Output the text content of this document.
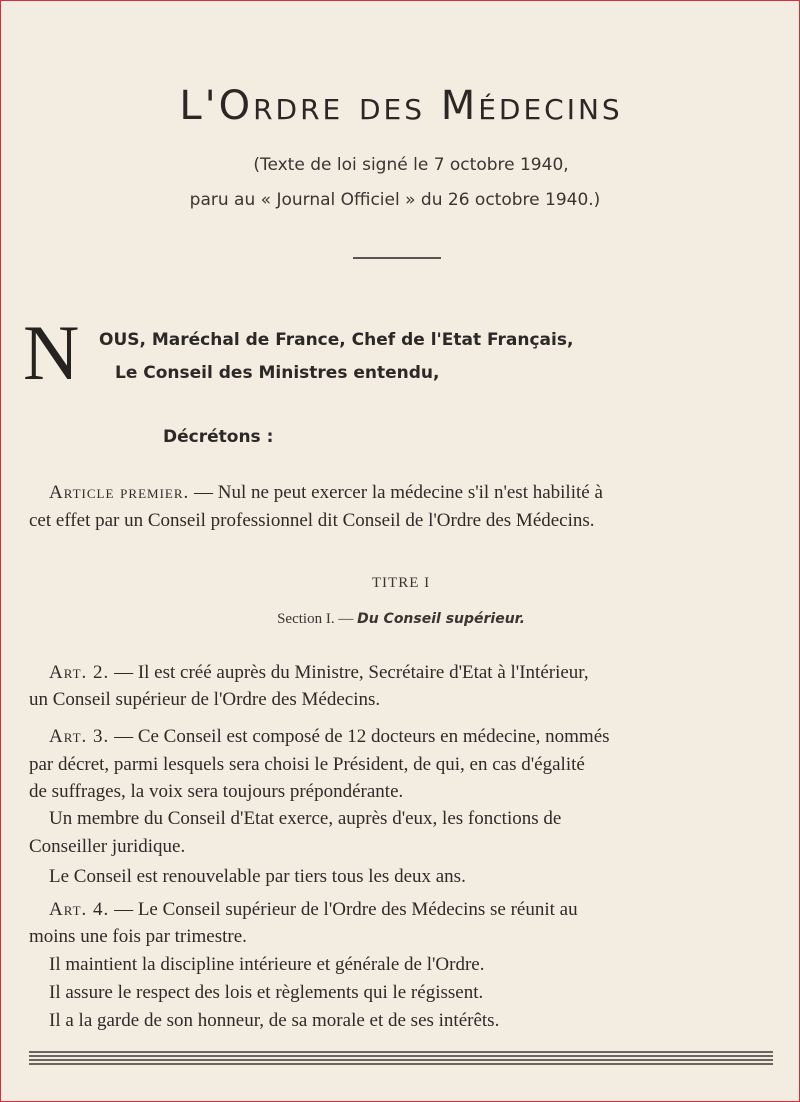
L'Ordre des Médecins
(Texte de loi signé le 7 octobre 1940,
paru au « Journal Officiel » du 26 octobre 1940.)
N OUS, Maréchal de France, Chef de l'Etat Français,
Le Conseil des Ministres entendu,
Décrétons :
Article premier. — Nul ne peut exercer la médecine s'il n'est habilité à
cet effet par un Conseil professionnel dit Conseil de l'Ordre des Médecins.
TITRE I
Section I. — Du Conseil supérieur.
Art. 2. — Il est créé auprès du Ministre, Secrétaire d'Etat à l'Intérieur,
un Conseil supérieur de l'Ordre des Médecins.
Art. 3. — Ce Conseil est composé de 12 docteurs en médecine, nommés
par décret, parmi lesquels sera choisi le Président, de qui, en cas d'égalité
de suffrages, la voix sera toujours prépondérante.
Un membre du Conseil d'Etat exerce, auprès d'eux, les fonctions de
Conseiller juridique.
Le Conseil est renouvelable par tiers tous les deux ans.
Art. 4. — Le Conseil supérieur de l'Ordre des Médecins se réunit au
moins une fois par trimestre.
Il maintient la discipline intérieure et générale de l'Ordre.
Il assure le respect des lois et règlements qui le régissent.
Il a la garde de son honneur, de sa morale et de ses intérêts.
